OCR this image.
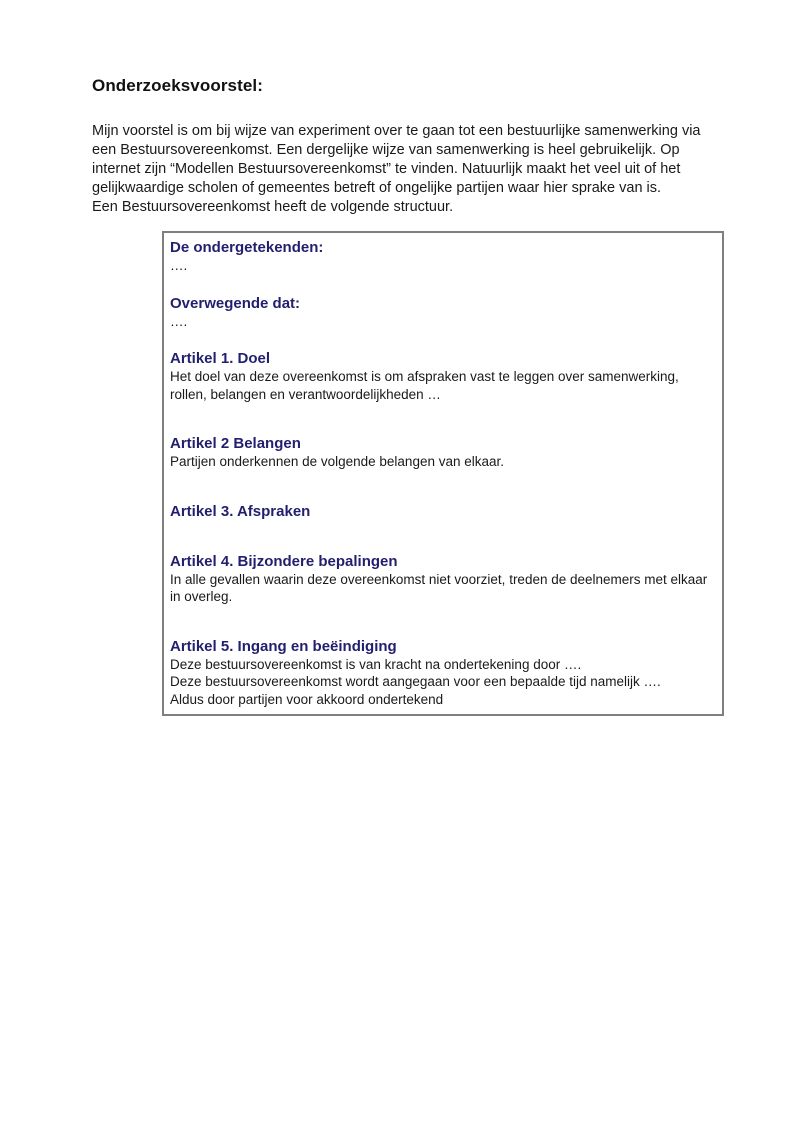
Onderzoeksvoorstel:

Mijn voorstel is om bij wijze van experiment over te gaan tot een bestuurlijke samenwerking via een Bestuursovereenkomst. Een dergelijke wijze van samenwerking is heel gebruikelijk. Op internet zijn “Modellen Bestuursovereenkomst” te vinden. Natuurlijk maakt het veel uit of het gelijkwaardige scholen of gemeentes betreft of ongelijke partijen waar hier sprake van is.

Een Bestuursovereenkomst heeft de volgende structuur.

De ondergetekenden:

….

Overwegende dat:

….

Artikel 1. Doel

Het doel van deze overeenkomst is om afspraken vast te leggen over samenwerking, rollen, belangen en verantwoordelijkheden …

Artikel 2 Belangen

Partijen onderkennen de volgende belangen van elkaar.

Artikel 3. Afspraken

Artikel 4. Bijzondere bepalingen

In alle gevallen waarin deze overeenkomst niet voorziet, treden de deelnemers met elkaar in overleg.

Artikel 5. Ingang en beëindiging

Deze bestuursovereenkomst is van kracht na ondertekening door ….

Deze bestuursovereenkomst wordt aangegaan voor een bepaalde tijd namelijk ….

Aldus door partijen voor akkoord ondertekend
